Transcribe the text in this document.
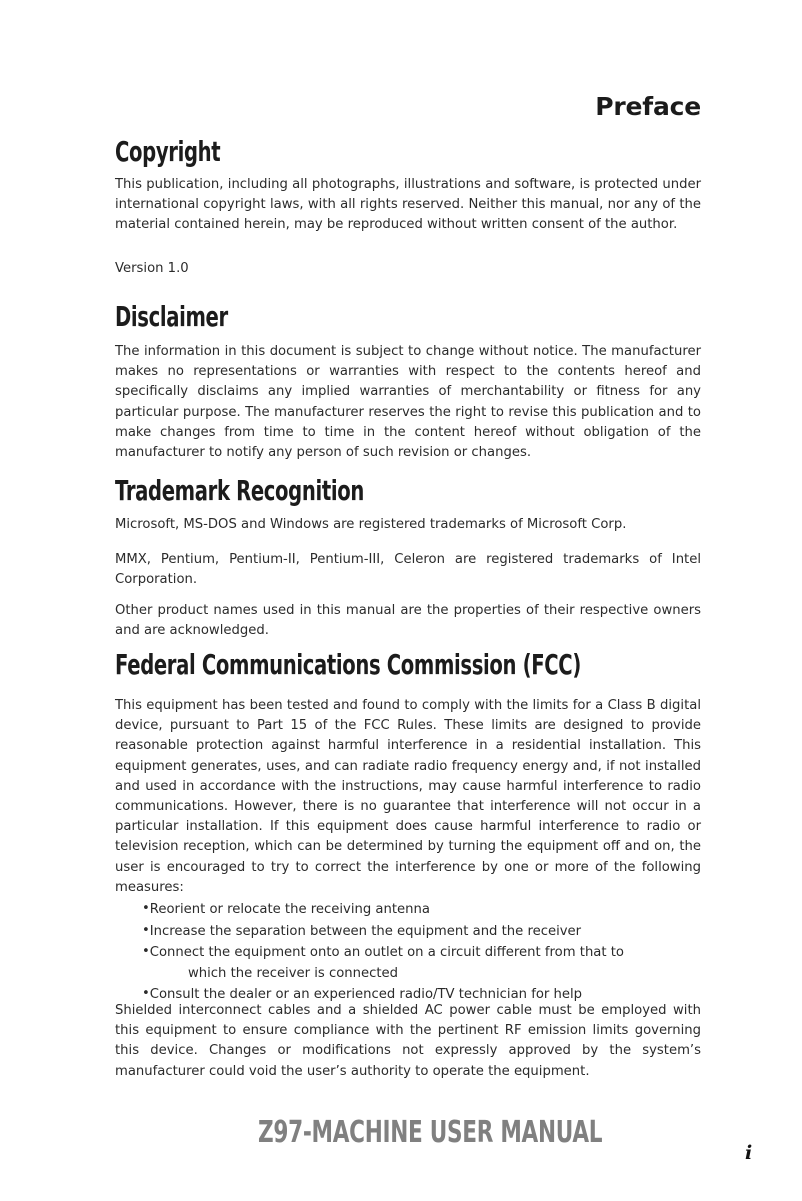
Preface
Copyright
This publication, including all photographs, illustrations and software, is protected under international copyright laws, with all rights reserved. Neither this manual, nor any of the material contained herein, may be reproduced without written consent of the author.
Version 1.0
Disclaimer
The information in this document is subject to change without notice. The manufacturer makes no representations or warranties with respect to the contents hereof and specifically disclaims any implied warranties of merchantability or fitness for any particular purpose. The manufacturer reserves the right to revise this publication and to make changes from time to time in the content hereof without obligation of the manufacturer to notify any person of such revision or changes.
Trademark Recognition
Microsoft, MS-DOS and Windows are registered trademarks of Microsoft Corp.
MMX, Pentium, Pentium-II, Pentium-III, Celeron are registered trademarks of Intel Corporation.
Other product names used in this manual are the properties of their respective owners and are acknowledged.
Federal Communications Commission (FCC)
This equipment has been tested and found to comply with the limits for a Class B digital device, pursuant to Part 15 of the FCC Rules. These limits are designed to provide reasonable protection against harmful interference in a residential installation. This equipment generates, uses, and can radiate radio frequency energy and, if not installed and used in accordance with the instructions, may cause harmful interference to radio communications. However, there is no guarantee that interference will not occur in a particular installation. If this equipment does cause harmful interference to radio or television reception, which can be determined by turning the equipment off and on, the user is encouraged to try to correct the interference by one or more of the following measures:
•Reorient or relocate the receiving antenna
•Increase the separation between the equipment and the receiver
•Connect the equipment onto an outlet on a circuit different from that to
which the receiver is connected
•Consult the dealer or an experienced radio/TV technician for help
Shielded interconnect cables and a shielded AC power cable must be employed with this equipment to ensure compliance with the pertinent RF emission limits governing this device. Changes or modifications not expressly approved by the system’s manufacturer could void the user’s authority to operate the equipment.
Z97-MACHINE USER MANUAL
i
